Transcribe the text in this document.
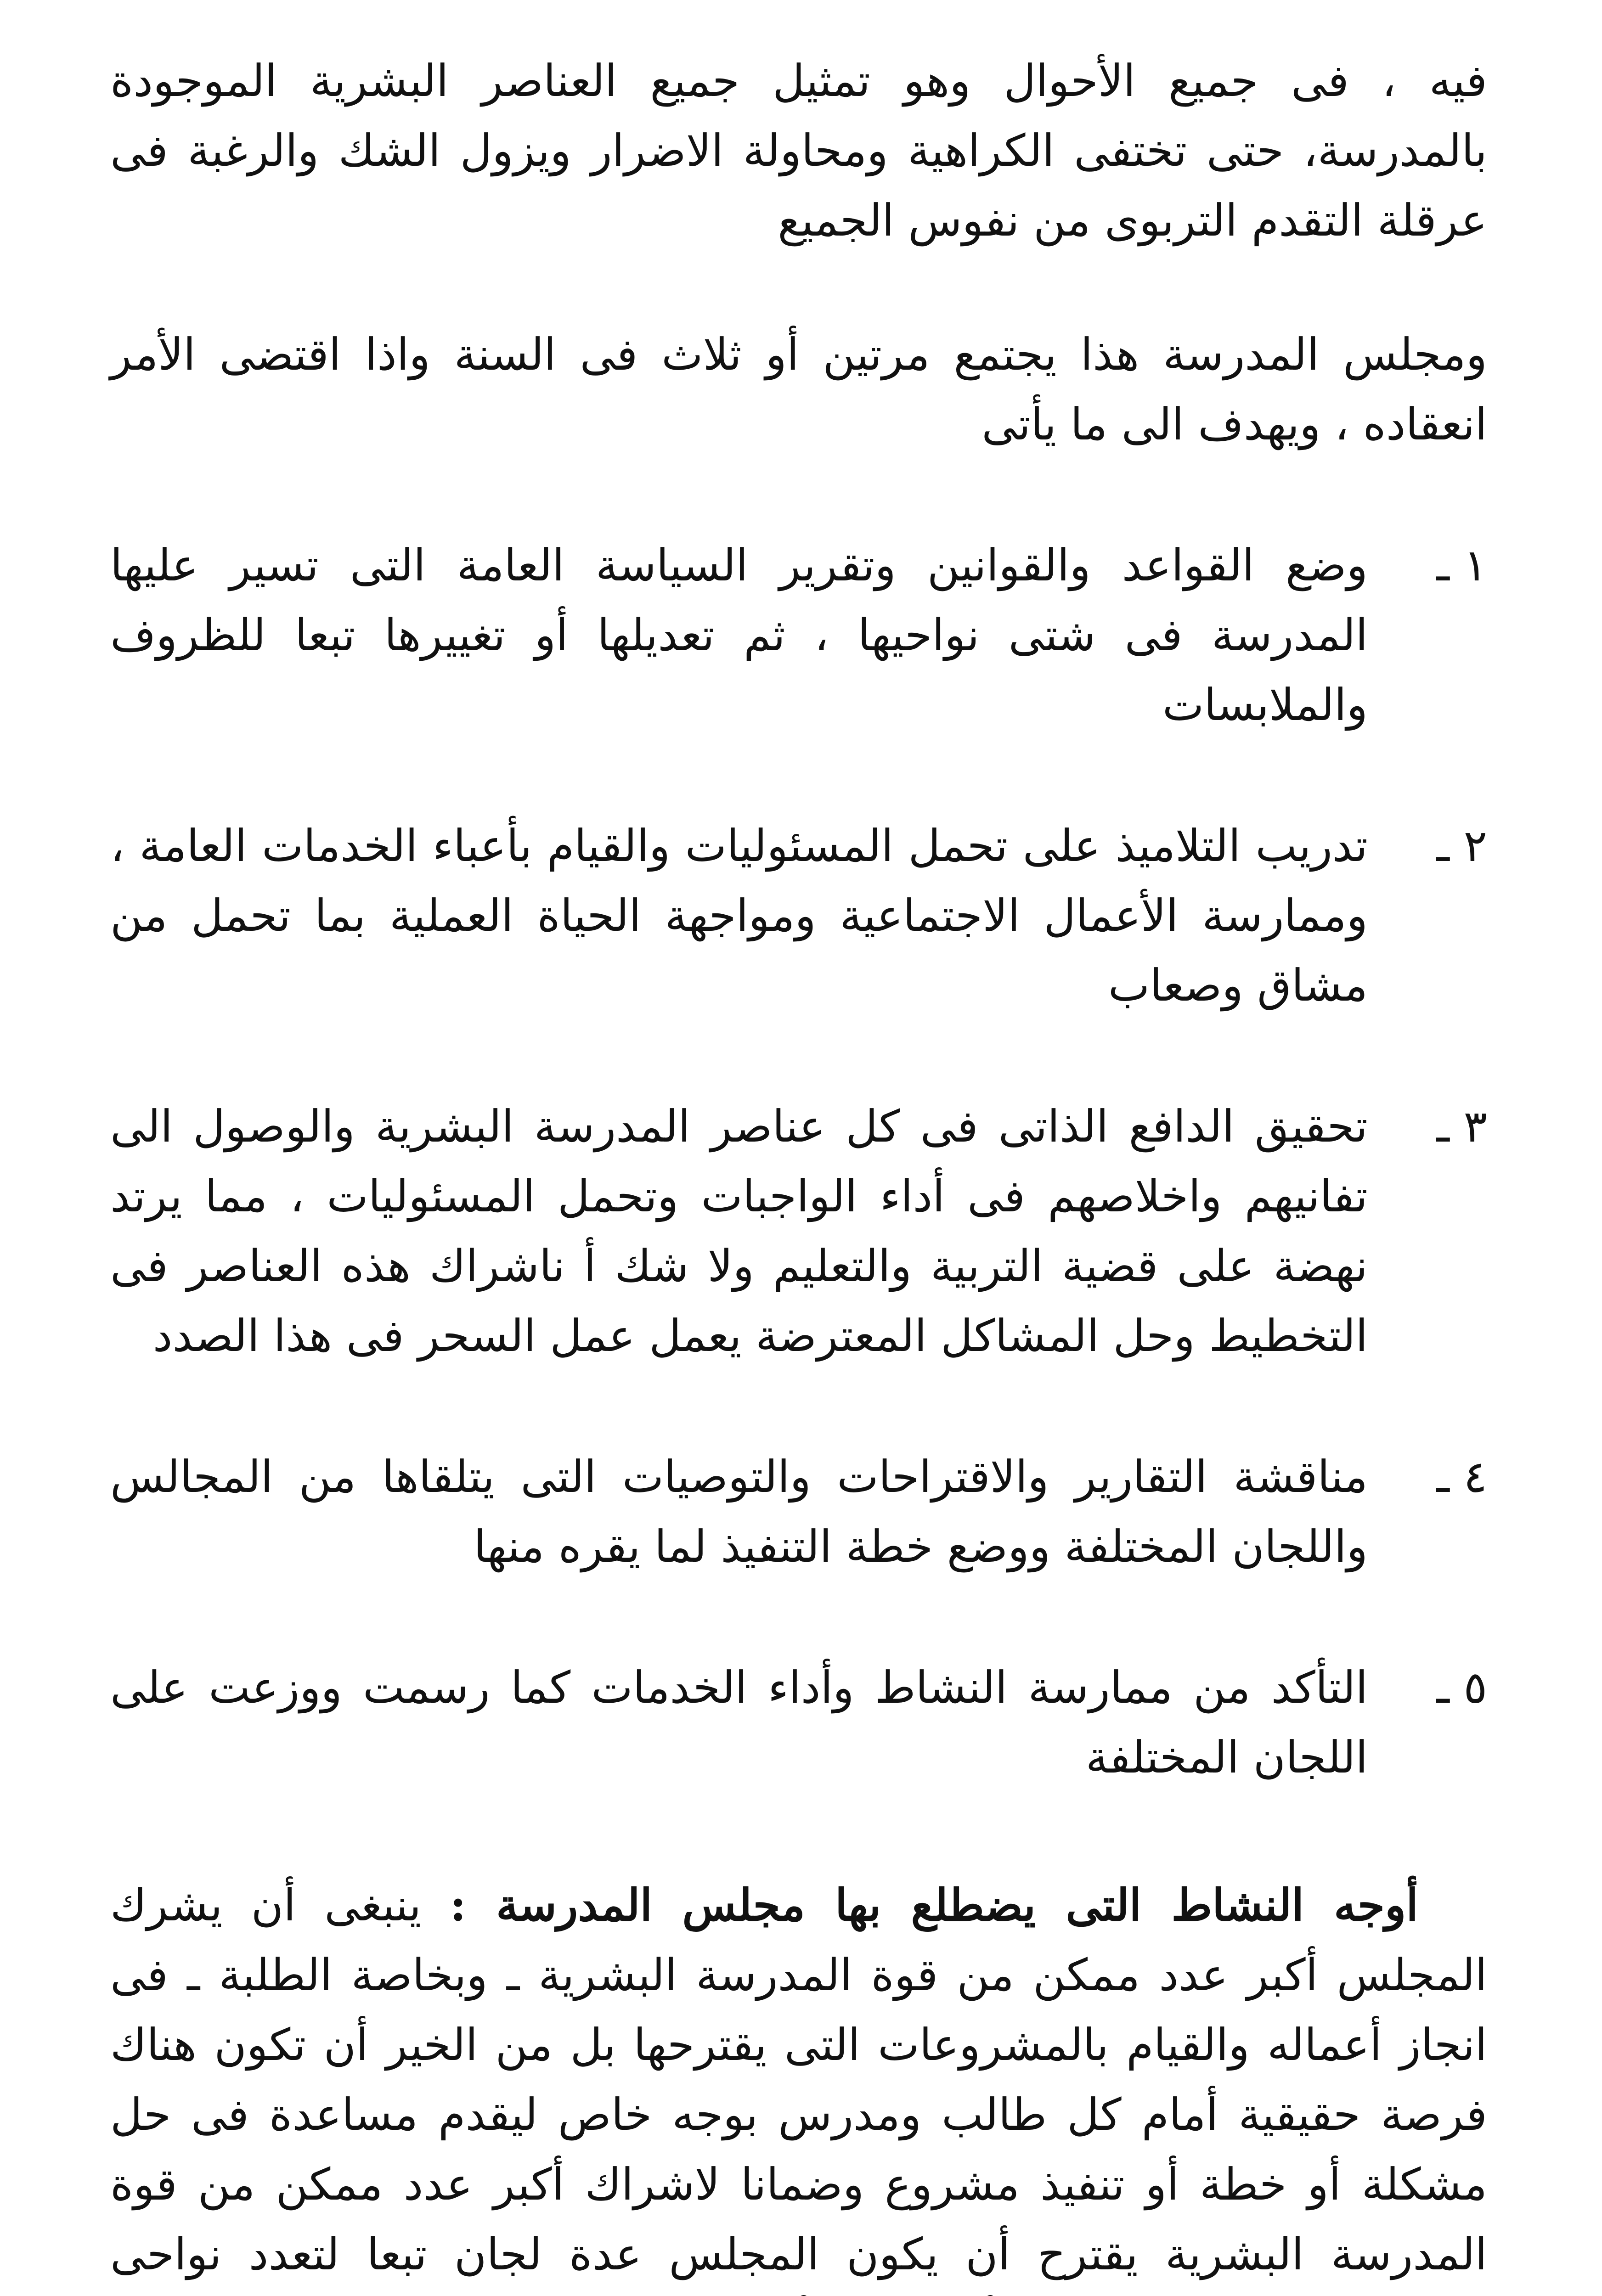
فيه ، فى جميع الأحوال وهو تمثيل جميع العناصر البشرية الموجودة بالمدرسة، حتى تختفى الكراهية ومحاولة الاضرار ويزول الشك والرغبة فى عرقلة التقدم التربوى من نفوس الجميع

ومجلس المدرسة هذا يجتمع مرتين أو ثلاث فى السنة واذا اقتضى الأمر انعقاده ، ويهدف الى ما يأتى

١ ـ
وضع القواعد والقوانين وتقرير السياسة العامة التى تسير عليها المدرسة فى شتى نواحيها ، ثم تعديلها أو تغييرها تبعا للظروف والملابسات
٢ ـ
تدريب التلاميذ على تحمل المسئوليات والقيام بأعباء الخدمات العامة ، وممارسة الأعمال الاجتماعية ومواجهة الحياة العملية بما تحمل من مشاق وصعاب
٣ ـ
تحقيق الدافع الذاتى فى كل عناصر المدرسة البشرية والوصول الى تفانيهم واخلاصهم فى أداء الواجبات وتحمل المسئوليات ، مما يرتد نهضة على قضية التربية والتعليم ولا شك أ ناشراك هذه العناصر فى التخطيط وحل المشاكل المعترضة يعمل عمل السحر فى هذا الصدد
٤ ـ
مناقشة التقارير والاقتراحات والتوصيات التى يتلقاها من المجالس واللجان المختلفة ووضع خطة التنفيذ لما يقره منها
٥ ـ
التأكد من ممارسة النشاط وأداء الخدمات كما رسمت ووزعت على اللجان المختلفة
أوجه النشاط التى يضطلع بها مجلس المدرسة : ينبغى أن يشرك المجلس أكبر عدد ممكن من قوة المدرسة البشرية ـ وبخاصة الطلبة ـ فى انجاز أعماله والقيام بالمشروعات التى يقترحها بل من الخير أن تكون هناك فرصة حقيقية أمام كل طالب ومدرس بوجه خاص ليقدم مساعدة فى حل مشكلة أو خطة أو تنفيذ مشروع وضمانا لاشراك أكبر عدد ممكن من قوة المدرسة البشرية يقترح أن يكون المجلس عدة لجان تبعا لتعدد نواحى
